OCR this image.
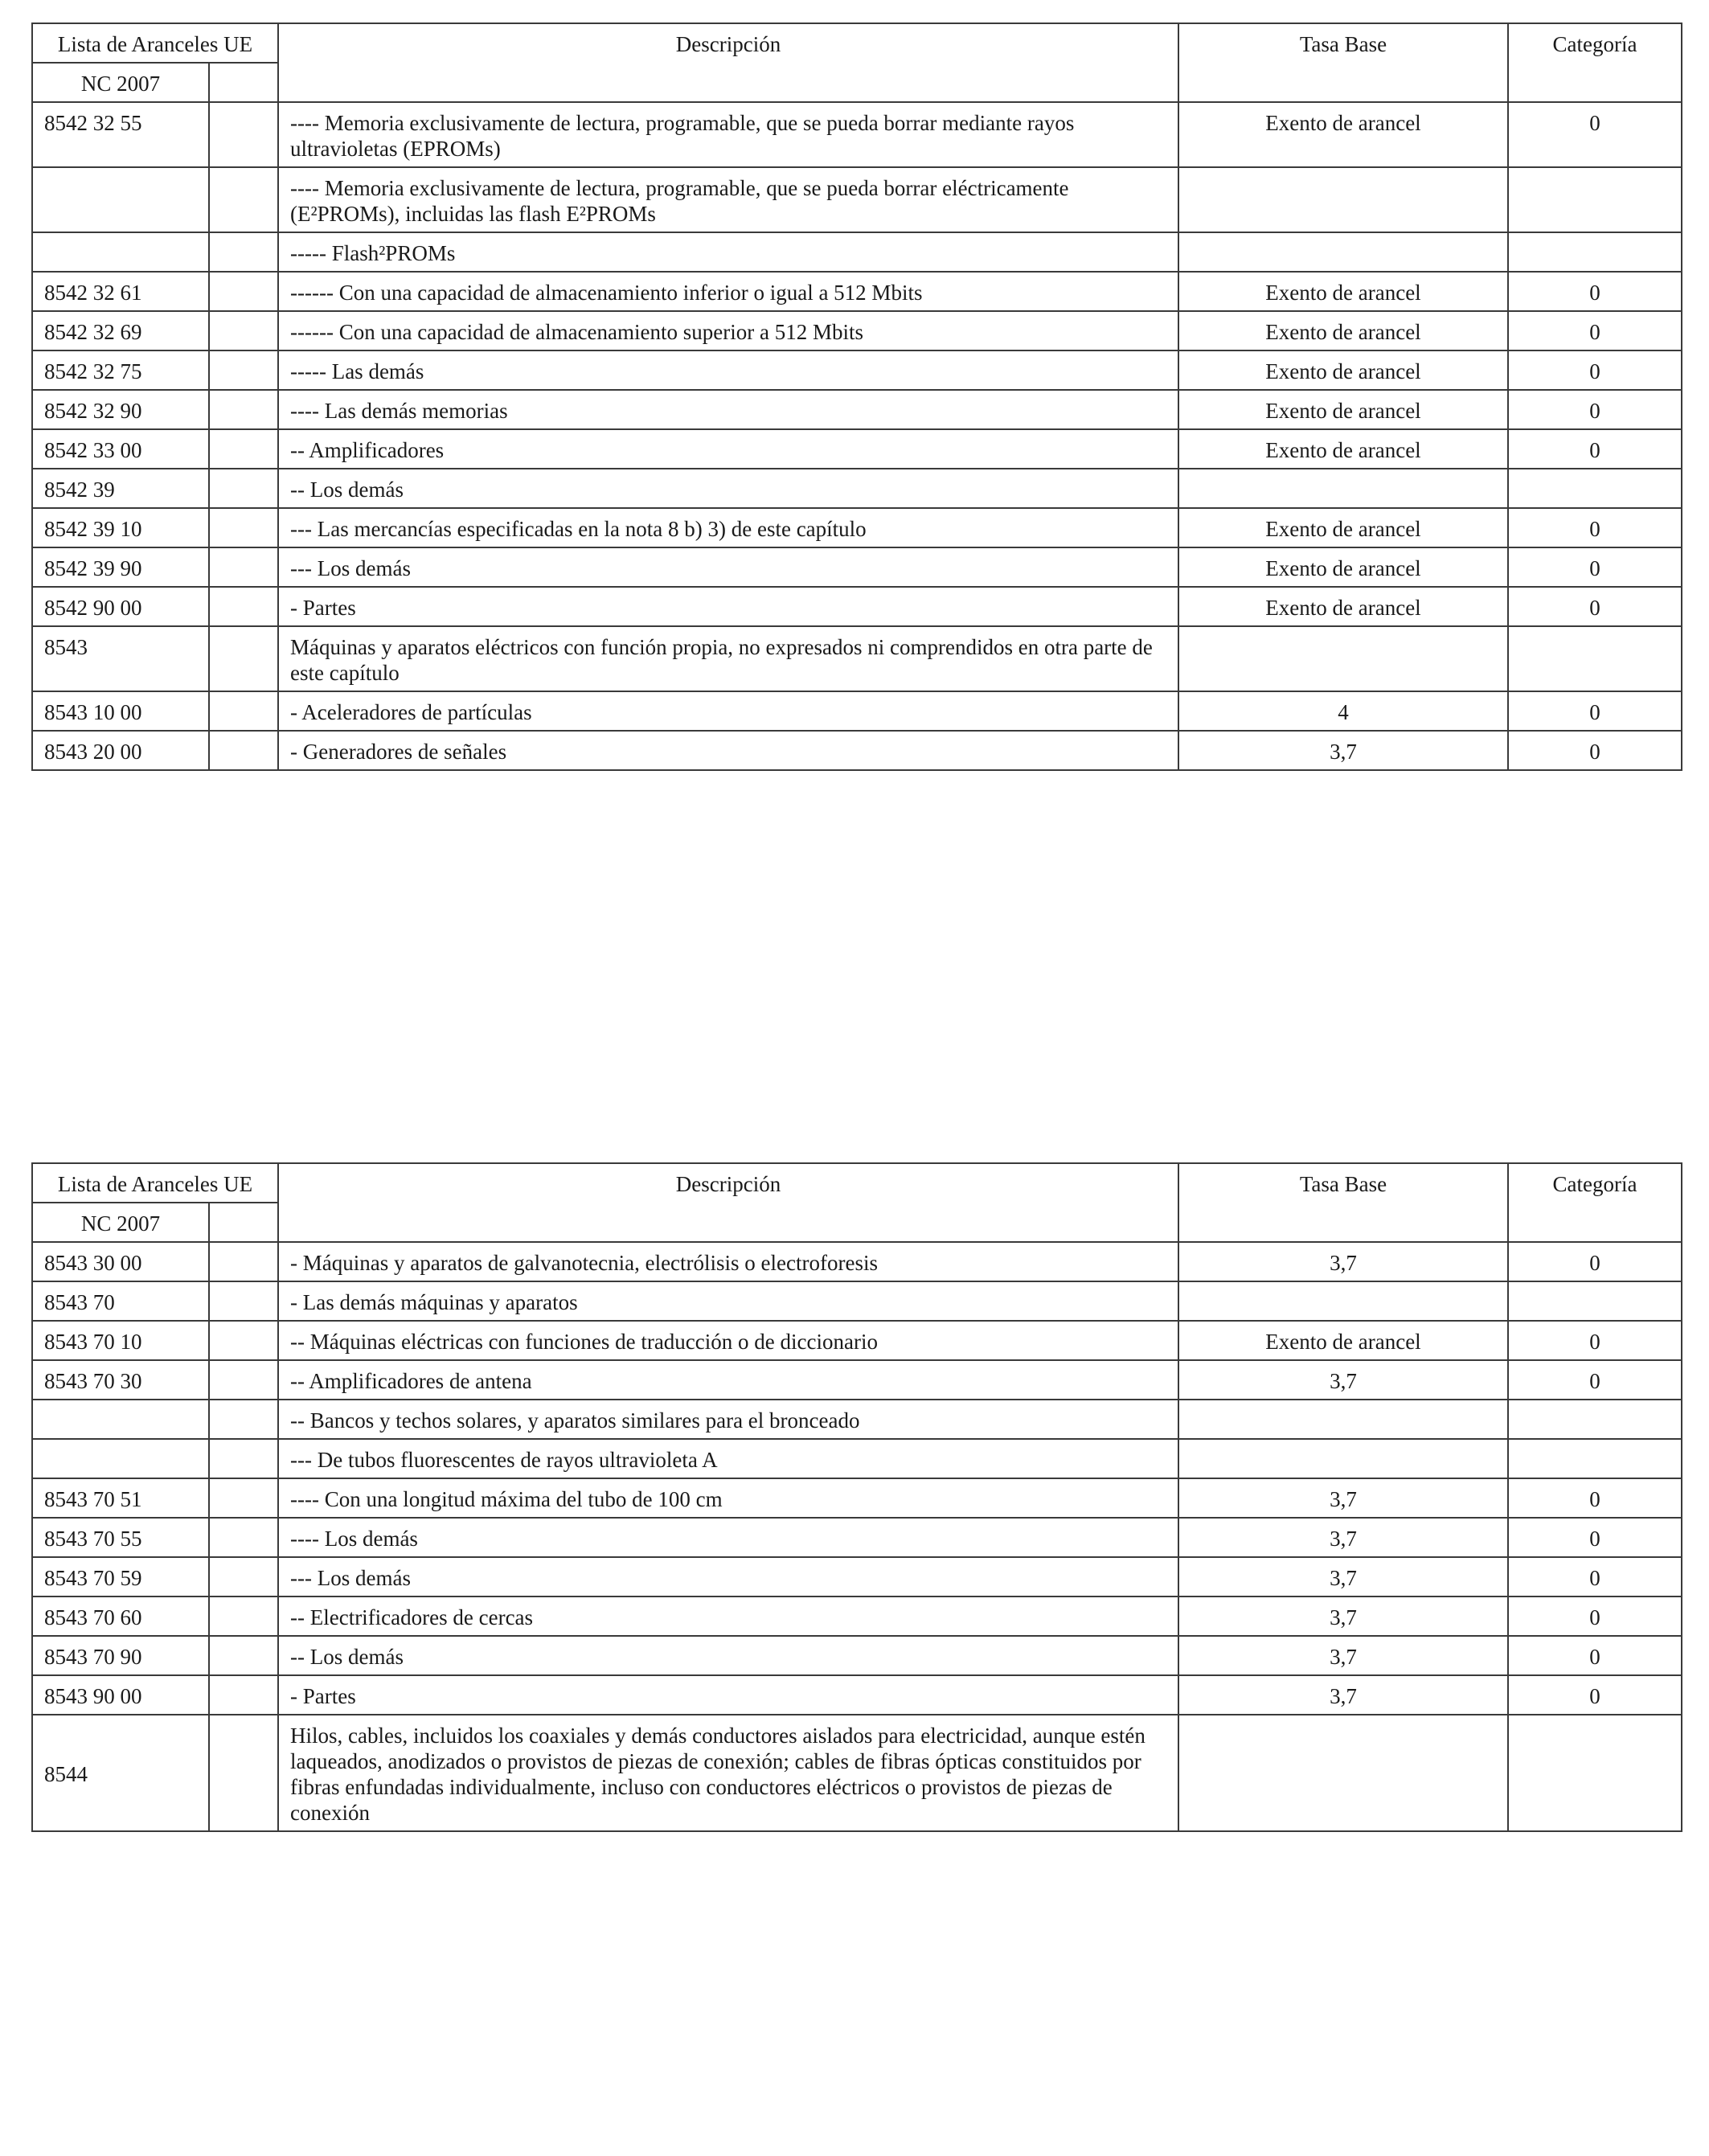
Lista de Aranceles UE		Descripción	Tasa Base	Categoría
NC 2007				
8542 32 55		---- Memoria exclusivamente de lectura, programable, que se pueda borrar mediante rayos ultravioletas (EPROMs)	Exento de arancel	0
		---- Memoria exclusivamente de lectura, programable, que se pueda borrar eléctricamente (E²PROMs), incluidas las flash E²PROMs		
		----- Flash²PROMs		
8542 32 61		------ Con una capacidad de almacenamiento inferior o igual a 512 Mbits	Exento de arancel	0
8542 32 69		------ Con una capacidad de almacenamiento superior a 512 Mbits	Exento de arancel	0
8542 32 75		----- Las demás	Exento de arancel	0
8542 32 90		---- Las demás memorias	Exento de arancel	0
8542 33 00		-- Amplificadores	Exento de arancel	0
8542 39		-- Los demás		
8542 39 10		--- Las mercancías especificadas en la nota 8 b) 3) de este capítulo	Exento de arancel	0
8542 39 90		--- Los demás	Exento de arancel	0
8542 90 00		- Partes	Exento de arancel	0
8543		Máquinas y aparatos eléctricos con función propia, no expresados ni comprendidos en otra parte de este capítulo		
8543 10 00		- Aceleradores de partículas	4	0
8543 20 00		- Generadores de señales	3,7	0
Lista de Aranceles UE		Descripción	Tasa Base	Categoría
NC 2007				
8543 30 00		- Máquinas y aparatos de galvanotecnia, electrólisis o electroforesis	3,7	0
8543 70		- Las demás máquinas y aparatos		
8543 70 10		-- Máquinas eléctricas con funciones de traducción o de diccionario	Exento de arancel	0
8543 70 30		-- Amplificadores de antena	3,7	0
		-- Bancos y techos solares, y aparatos similares para el bronceado		
		--- De tubos fluorescentes de rayos ultravioleta A		
8543 70 51		---- Con una longitud máxima del tubo de 100 cm	3,7	0
8543 70 55		---- Los demás	3,7	0
8543 70 59		--- Los demás	3,7	0
8543 70 60		-- Electrificadores de cercas	3,7	0
8543 70 90		-- Los demás	3,7	0
8543 90 00		- Partes	3,7	0
8544		Hilos, cables, incluidos los coaxiales y demás conductores aislados para electricidad, aunque estén laqueados, anodizados o provistos de piezas de conexión; cables de fibras ópticas constituidos por fibras enfundadas individualmente, incluso con conductores eléctricos o provistos de piezas de conexión		
